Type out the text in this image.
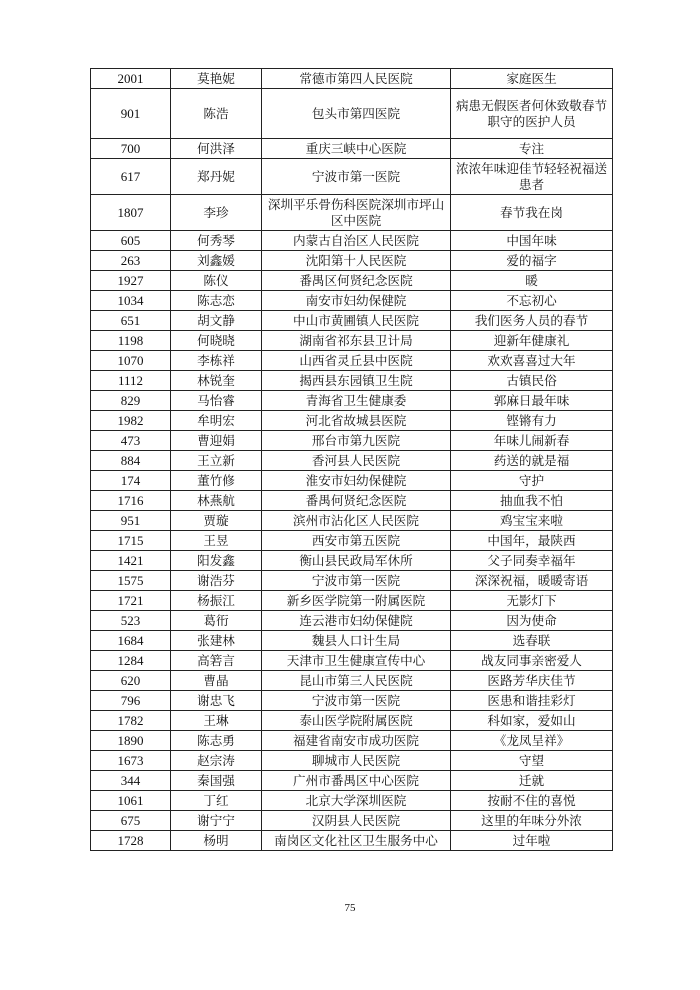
2001	莫艳妮	常德市第四人民医院	家庭医生
901	陈浩	包头市第四医院	病患无假医者何休致敬春节职守的医护人员
700	何洪泽	重庆三峡中心医院	专注
617	郑丹妮	宁波市第一医院	浓浓年味迎佳节轻轻祝福送患者
1807	李珍	深圳平乐骨伤科医院深圳市坪山区中医院	春节我在岗
605	何秀琴	内蒙古自治区人民医院	中国年味
263	刘鑫媛	沈阳第十人民医院	爱的福字
1927	陈仪	番禺区何贤纪念医院	暖
1034	陈志恋	南安市妇幼保健院	不忘初心
651	胡文静	中山市黄圃镇人民医院	我们医务人员的春节
1198	何晓晓	湖南省祁东县卫计局	迎新年健康礼
1070	李栋祥	山西省灵丘县中医院	欢欢喜喜过大年
1112	林锐奎	揭西县东园镇卫生院	古镇民俗
829	马怡睿	青海省卫生健康委	郭麻日最年味
1982	牟明宏	河北省故城县医院	铿锵有力
473	曹迎娟	邢台市第九医院	年味儿闹新春
884	王立新	香河县人民医院	药送的就是福
174	董竹修	淮安市妇幼保健院	守护
1716	林燕航	番禺何贤纪念医院	抽血我不怕
951	贾璇	滨州市沾化区人民医院	鸡宝宝来啦
1715	王昱	西安市第五医院	中国年，最陕西
1421	阳发鑫	衡山县民政局军休所	父子同奏幸福年
1575	谢浩芬	宁波市第一医院	深深祝福，暖暖寄语
1721	杨振江	新乡医学院第一附属医院	无影灯下
523	葛衎	连云港市妇幼保健院	因为使命
1684	张建林	魏县人口计生局	选春联
1284	高箬言	天津市卫生健康宣传中心	战友同事亲密爱人
620	曹晶	昆山市第三人民医院	医路芳华庆佳节
796	谢忠飞	宁波市第一医院	医患和谐挂彩灯
1782	王琳	泰山医学院附属医院	科如家，爱如山
1890	陈志勇	福建省南安市成功医院	《龙凤呈祥》
1673	赵宗涛	聊城市人民医院	守望
344	秦国强	广州市番禺区中心医院	迁就
1061	丁红	北京大学深圳医院	按耐不住的喜悦
675	谢宁宁	汉阴县人民医院	这里的年味分外浓
1728	杨明	南岗区文化社区卫生服务中心	过年啦
75
